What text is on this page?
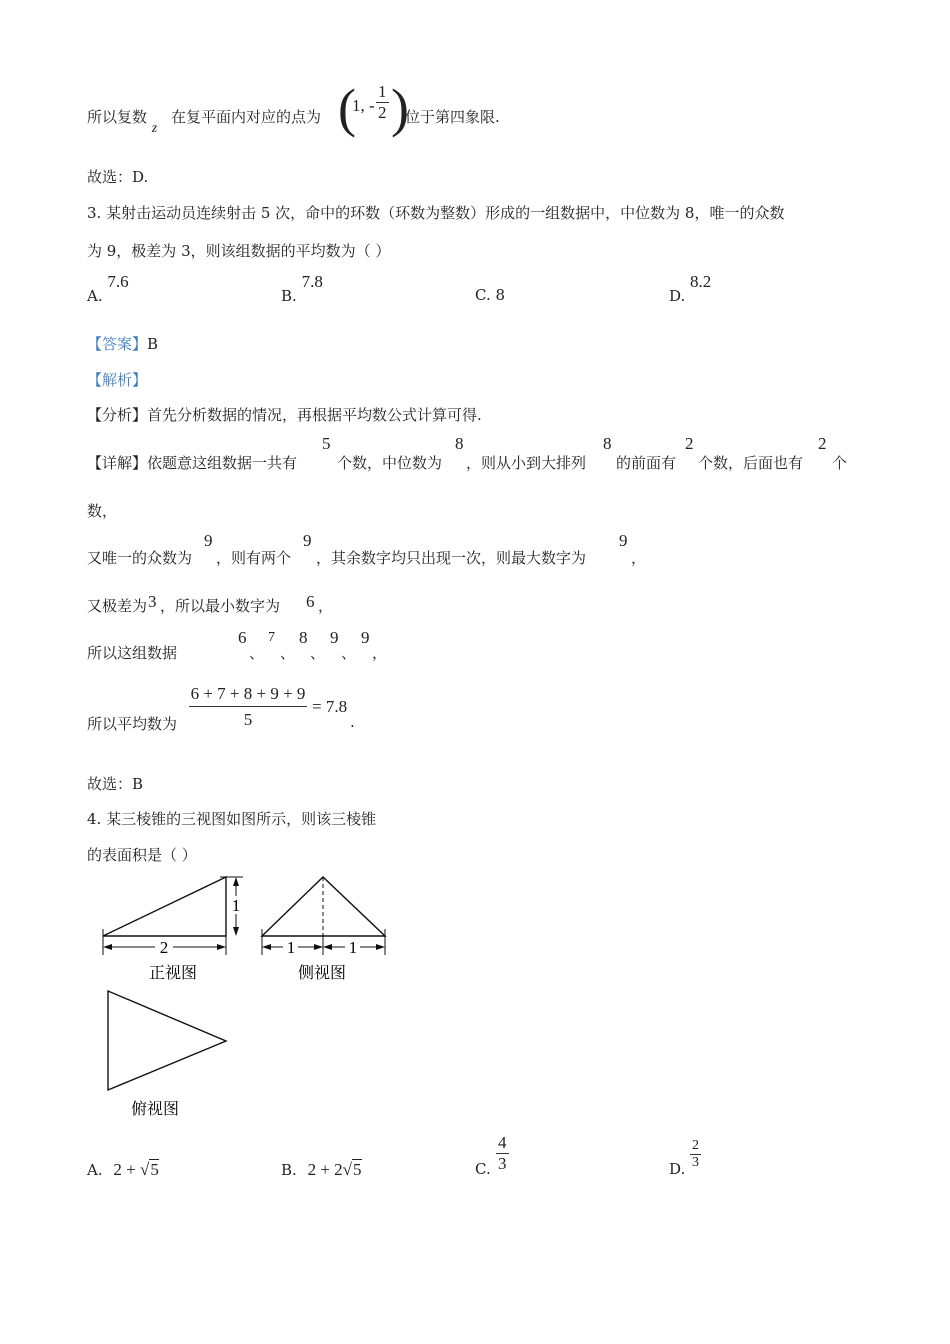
所以复数 z
在复平面内对应的点为 (
1, - $\frac{1}{2}$ )
位于第四象限.
故选：D.
3. 某射击运动员连续射击 5 次，命中的环数（环数为整数）形成的一组数据中，中位数为 8，唯一的众数
为 9，极差为 3，则该组数据的平均数为（ ）
A. 7.6
B. 7.8
C. 8	D. 8.2
【答案】B
【解析】
【分析】首先分析数据的情况，再根据平均数公式计算可得.
【详解】依题意这组数据一共有
5
个数，中位数为
8
，则从小到大排列
8
的前面有
2
个数，后面也有
2
个
数，
又唯一的众数为
9
，则有两个
9
，其余数字均只出现一次，则最大数字为
9
，
又极差为 3 ，所以最小数字为 6 ，
所以这组数据
6
、
7
、
8
、
9
、
9
，
所以平均数为
6 + 7 + 8 + 9 + 9
5
= 7.8
.
故选：B
4. 某三棱锥的三视图如图所示，则该三棱锥
的表面积是（ ）
2
1
正视图
1	1
侧视图
俯视图
A. 2 + √5	B. 2 + 2√5	C. $\frac{4}{3}$	D. $\frac{2}{3}$
